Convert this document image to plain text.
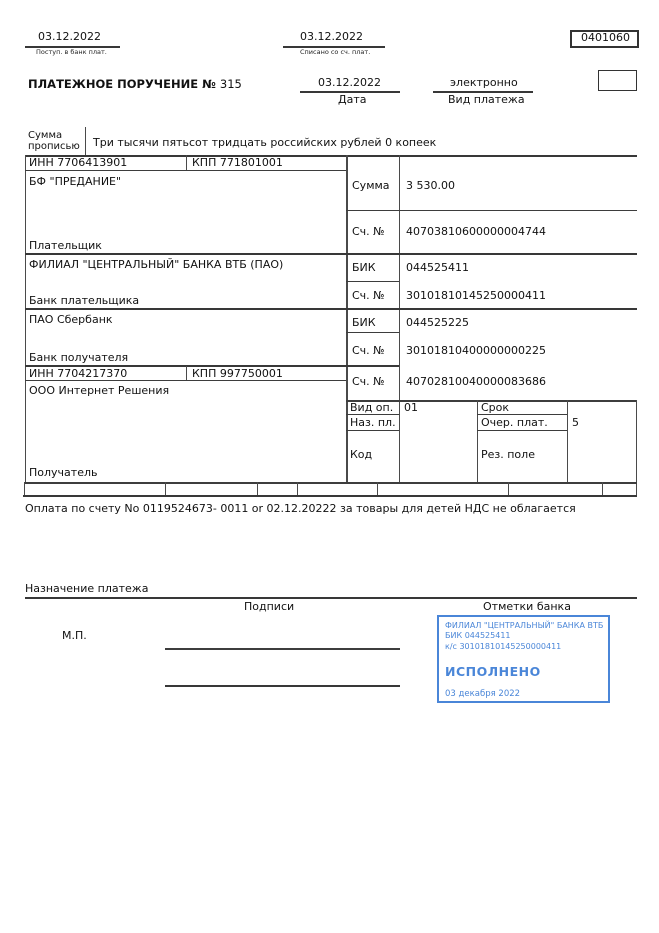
03.12.2022
Поступ. в банк плат.
03.12.2022
Списано со сч. плат.
0401060
ПЛАТЕЖНОЕ ПОРУЧЕНИЕ № 315	03.12.2022
Дата
электронно
Вид платежа
Сумма
прописью Три тысячи пятьсот тридцать российских рублей 0 копеек
ИНН 7706413901	КПП 771801001
БФ "ПРЕДАНИЕ"
Плательщик
Сумма 3 530.00
Сч. № 40703810600000004744
ФИЛИАЛ "ЦЕНТРАЛЬНЫЙ" БАНКА ВТБ (ПАО)	БИК	044525411
Сч. № 30101810145250000411
Банк плательщика
ПАО Сбербанк	БИК	044525225
Сч. № 30101810400000000225
Банк получателя
ИНН 7704217370	КПП 997750001
ООО Интернет Решения
Сч. № 40702810040000083686
Получатель
Вид оп. 01	Срок
Наз. пл.	Очер. плат. 5
Код	Рез. поле
Оплата по счету No 0119524673- 0011 or 02.12.20222 за товары для детей НДС не облагается
Назначение платежа
Подписи	Отметки банка
М.П.
ФИЛИАЛ "ЦЕНТРАЛЬНЫЙ" БАНКА ВТБ
БИК 044525411
к/с 30101810145250000411
ИСПОЛНЕНО
03 декабря 2022
